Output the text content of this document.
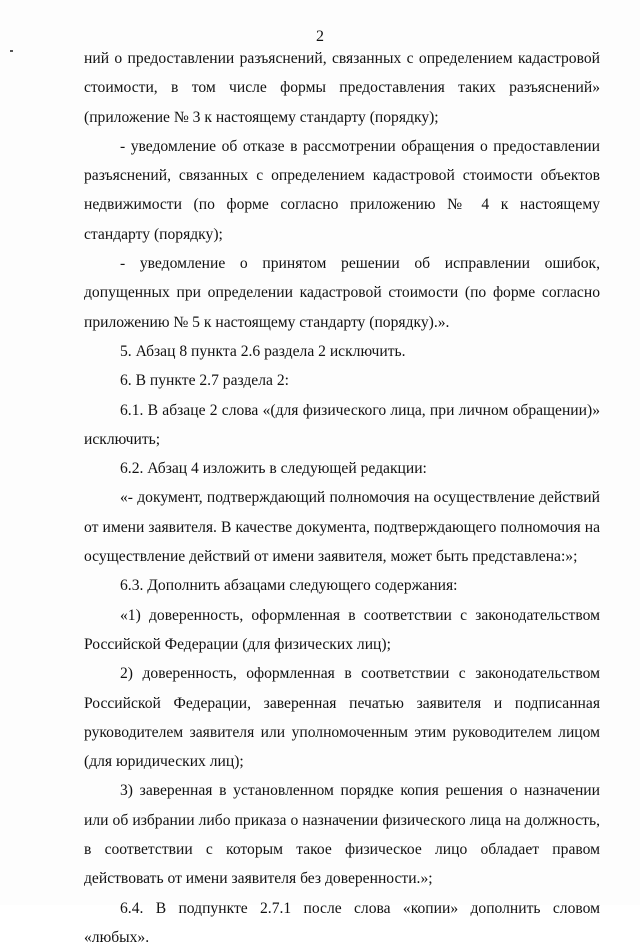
2

ний о предоставлении разъяснений, связанных с определением кадастровой стоимости, в том числе формы предоставления таких разъяснений» (приложение № 3 к настоящему стандарту (порядку);

- уведомление об отказе в рассмотрении обращения о предоставлении разъяснений, связанных с определением кадастровой стоимости объектов недвижимости (по форме согласно приложению № 4 к настоящему стандарту (порядку);

- уведомление о принятом решении об исправлении ошибок, допущенных при определении кадастровой стоимости (по форме согласно приложению № 5 к настоящему стандарту (порядку).».

5. Абзац 8 пункта 2.6 раздела 2 исключить.

6. В пункте 2.7 раздела 2:

6.1. В абзаце 2 слова «(для физического лица, при личном обращении)» исключить;

6.2. Абзац 4 изложить в следующей редакции:

«- документ, подтверждающий полномочия на осуществление действий от имени заявителя. В качестве документа, подтверждающего полномочия на осуществление действий от имени заявителя, может быть представлена:»;

6.3. Дополнить абзацами следующего содержания:

«1) доверенность, оформленная в соответствии с законодательством Российской Федерации (для физических лиц);

2) доверенность, оформленная в соответствии с законодательством Российской Федерации, заверенная печатью заявителя и подписанная руководителем заявителя или уполномоченным этим руководителем лицом (для юридических лиц);

3) заверенная в установленном порядке копия решения о назначении или об избрании либо приказа о назначении физического лица на должность, в соответствии с которым такое физическое лицо обладает правом действовать от имени заявителя без доверенности.»;

6.4. В подпункте 2.7.1 после слова «копии» дополнить словом «любых».
